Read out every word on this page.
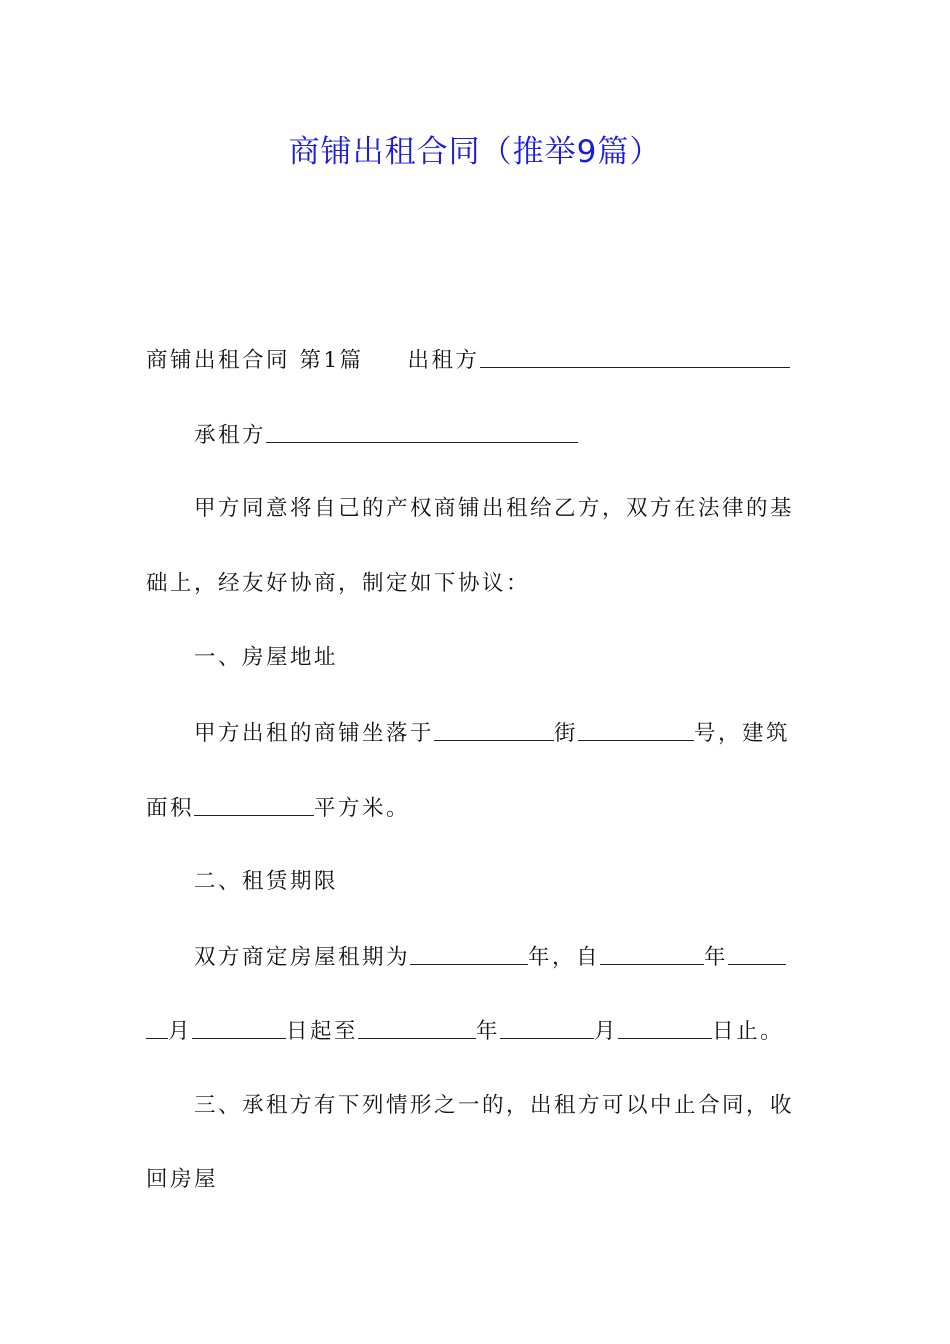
商铺出租合同（推举9篇）
商铺出租合同 第1篇 出租方
承租方
甲方同意将自己的产权商铺出租给乙方，双方在法律的基
础上，经友好协商，制定如下协议：
一、房屋地址
甲方出租的商铺坐落于	街	号，建筑
面积	平方米。
二、租赁期限
双方商定房屋租期为	年，自	年
月	日起至	年	月	日止。
三、承租方有下列情形之一的，出租方可以中止合同，收
回房屋
